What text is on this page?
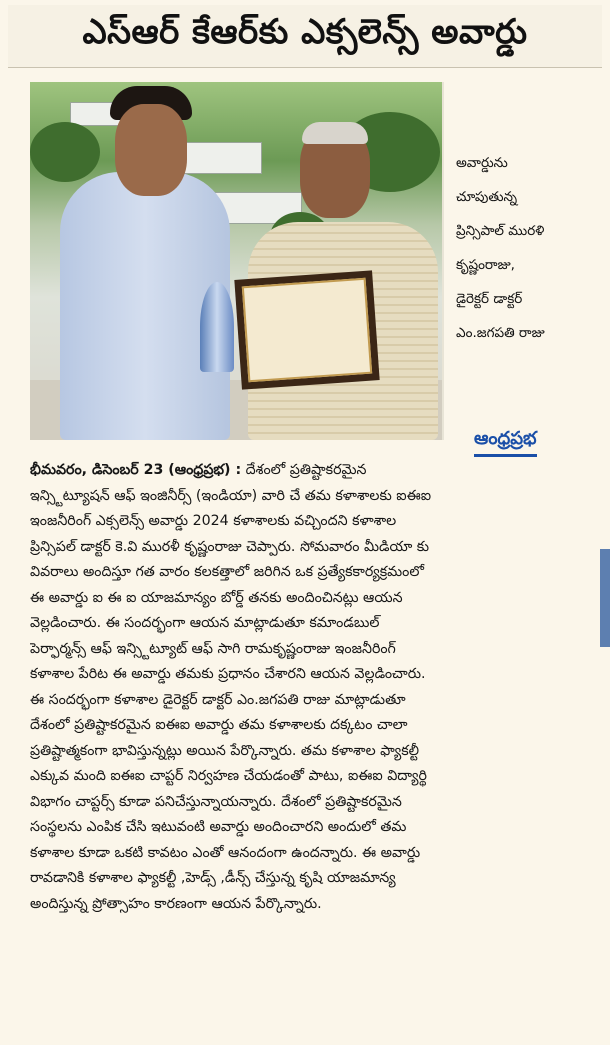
ఎస్ఆర్ కేఆర్‌కు ఎక్సలెన్స్ అవార్డు
అవార్డును
చూపుతున్న
ప్రిన్సిపాల్ మురళి
కృష్ణంరాజు,
డైరెక్టర్ డాక్టర్
ఎం.జగపతి రాజు
ఆంధ్రప్రభ
భీమవరం, డిసెంబర్ 23 (ఆంధ్రప్రభ) : దేశంలో ప్రతిష్టాకరమైన
ఇన్స్టిట్యూషన్ ఆఫ్ ఇంజినీర్స్ (ఇండియా) వారి చే తమ కళాశాలకు ఐఈఐ
ఇంజనీరింగ్ ఎక్సలెన్స్ అవార్డు 2024 కళాశాలకు వచ్చిందని కళాశాల
ప్రిన్సిపల్ డాక్టర్ కె.వి మురళీ కృష్ణంరాజు చెప్పారు. సోమవారం మీడియా కు
వివరాలు అందిస్తూ గత వారం కలకత్తాలో జరిగిన ఒక ప్రత్యేకకార్యక్రమంలో
ఈ అవార్డు ఐ ఈ ఐ యాజమాన్యం బోర్డ్ తనకు అందించినట్లు ఆయన
వెల్లడించారు. ఈ సందర్భంగా ఆయన మాట్లాడుతూ కమాండబుల్
పెర్ఫార్మన్స్ ఆఫ్ ఇన్స్టిట్యూట్ ఆఫ్ సాగి రామకృష్ణంరాజు ఇంజనీరింగ్
కళాశాల పేరిట ఈ అవార్డు తమకు ప్రధానం చేశారని ఆయన వెల్లడించారు.
ఈ సందర్భంగా కళాశాల డైరెక్టర్ డాక్టర్ ఎం.జగపతి రాజు మాట్లాడుతూ
దేశంలో ప్రతిష్టాకరమైన ఐఈఐ అవార్డు తమ కళాశాలకు దక్కటం చాలా
ప్రతిష్టాత్మకంగా భావిస్తున్నట్లు అయిన పేర్కొన్నారు. తమ కళాశాల ఫ్యాకల్టీ
ఎక్కువ మంది ఐఈఐ చాప్టర్ నిర్వహణ చేయడంతో పాటు, ఐఈఐ విద్యార్థి
విభాగం చాప్టర్స్ కూడా పనిచేస్తున్నాయన్నారు. దేశంలో ప్రతిష్టాకరమైన
సంస్థలను ఎంపిక చేసి ఇటువంటి అవార్డు అందించారని అందులో తమ
కళాశాల కూడా ఒకటి కావటం ఎంతో ఆనందంగా ఉందన్నారు. ఈ అవార్డు
రావడానికి కళాశాల ఫ్యాకల్టీ ,హెడ్స్ ,డీన్స్ చేస్తున్న కృషి యాజమాన్య
అందిస్తున్న ప్రోత్సాహం కారణంగా ఆయన పేర్కొన్నారు.
